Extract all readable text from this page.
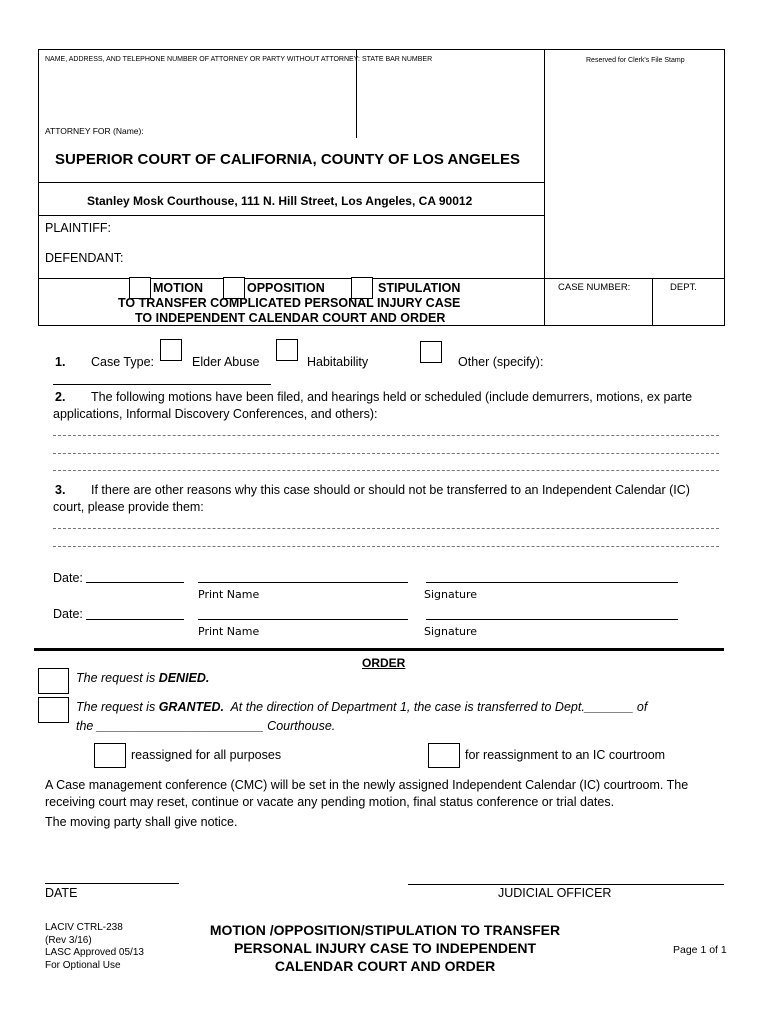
NAME, ADDRESS, AND TELEPHONE NUMBER OF ATTORNEY OR PARTY WITHOUT ATTORNEY: STATE BAR NUMBER	Reserved for Clerk's File Stamp
ATTORNEY FOR (Name):
SUPERIOR COURT OF CALIFORNIA, COUNTY OF LOS ANGELES
Stanley Mosk Courthouse, 111 N. Hill Street, Los Angeles, CA 90012
PLAINTIFF:
DEFENDANT:
MOTION	OPPOSITION	STIPULATION
TO TRANSFER COMPLICATED PERSONAL INJURY CASE
TO INDEPENDENT CALENDAR COURT AND ORDER
CASE NUMBER:	DEPT.
1. Case Type:	Elder Abuse	Habitability	Other (specify):
2. The following motions have been filed, and hearings held or scheduled (include demurrers, motions, ex parte
applications, Informal Discovery Conferences, and others):
3. If there are other reasons why this case should or should not be transferred to an Independent Calendar (IC)
court, please provide them:
Date:
Print Name	Signature
Date:
Print Name	Signature
ORDER
The request is DENIED.
The request is GRANTED. At the direction of Department 1, the case is transferred to Dept._______ of
the ________________________ Courthouse.
reassigned for all purposes	for reassignment to an IC courtroom
A Case management conference (CMC) will be set in the newly assigned Independent Calendar (IC) courtroom. The
receiving court may reset, continue or vacate any pending motion, final status conference or trial dates.
The moving party shall give notice.
DATE	JUDICIAL OFFICER
LACIV CTRL-238
(Rev 3/16)
LASC Approved 05/13
For Optional Use
MOTION /OPPOSITION/STIPULATION TO TRANSFER
PERSONAL INJURY CASE TO INDEPENDENT
CALENDAR COURT AND ORDER
Page 1 of 1
